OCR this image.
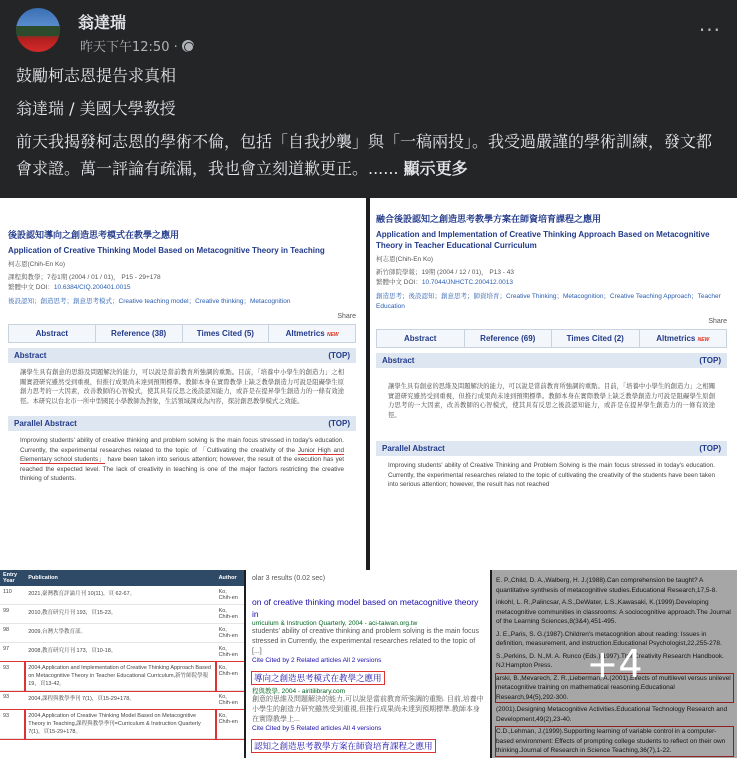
翁達瑞
昨天下午12:50 ·
···

鼓勵柯志恩提告求真相

翁達瑞 / 美國大學教授

前天我揭發柯志恩的學術不倫，包括「自我抄襲」與「一稿兩投」。我受過嚴謹的學術訓練，發文都會求證。萬一評論有疏漏，我也會立刻道歉更正。...... 顯示更多

後設認知導向之創造思考模式在教學之應用
Application of Creative Thinking Model Based on Metacognitive Theory in Teaching
柯志恩(Chih-En Ko)
課程與教學；7卷1期 (2004 / 01 / 01)， P15 - 29+178
繁體中文 DOI：10.6384/CIQ.200401.0015
後設認知；創造思考；創意思考模式；Creative teaching model；Creative thinking；Metacognition
Share
Abstract	Reference (38)	Times Cited (5)	Altmetrics NEW
Abstract	(TOP)
讓學生具有創意的思維及問題解決的能力，可以說是當前教育所強調的重點。目前，「培養中小學生的創造力」之相關實證研究雖然受到重視，但推行成果尚未達到預期標準。教師本身在實際教學上缺乏教學創造力可說是阻礙學生原創力思考的一大因素，改善教師的心智模式，使其具有反思之後設認知能力，或許是在提昇學生創造力的一條有效途徑。本研究以台北市一所中型國民小學教師為對象，生活領域課成為內容，探討創思教學模式之效能。
Parallel Abstract	(TOP)
Improving students' ability of creative thinking and problem solving is the main focus stressed in today's education. Currently, the experimental researches related to the topic of 「Cultivating the creativity of the Junior High and Elementary school students」 have been taken into serious attention; however, the result of the execution has yet reached the expected level. The lack of creativity in teaching is one of the major factors restricting the creative thinking of students.
融合後設認知之創造思考教學方案在師資培育課程之應用
Application and Implementation of Creative Thinking Approach Based on Metacognitive Theory in Teacher Educational Curriculum
柯志恩(Chih-En Ko)
新竹師院學報；19期 (2004 / 12 / 01)， P13 - 43
繁體中文 DOI：10.7044/JNHCTC.200412.0013
創造思考；後設認知；創意思考；師資培育；Creative Thinking；Metacognition；Creative Teaching Approach；Teacher Education
Share
Abstract	Reference (69)	Times Cited (2)	Altmetrics NEW
Abstract	(TOP)
讓學生具有創意的思維及問題解決的能力，可以說是當前教育所強調的重點。目前，「培養中小學生的創造力」之相關實證研究雖然受到重視，但推行成果尚未達到預期標準。教師本身在實際教學上缺乏教學創造力可說是阻礙學生原創力思考的一大因素，改善教師的心智模式，使其具有反思之後設認知能力，或許是在提昇學生創造力的一條有效途徑。
Parallel Abstract	(TOP)
Improving students' ability of Creative Thinking and Problem Solving is the main focus stressed in today's education. Currently, the experimental researches related to the topic of cultivating the creativity of the students have been taken into serious attention; however, the result has not reached
Entry Year	Publication	Author
110	2021,臺灣教育評論月刊 10(11)，頁 62-67。	Ko, Chih-en
99	2010,教育研究月刊 193，頁15-23。	Ko, Chih-en
98	2009,台灣大學教育部。	Ko, Chih-en
97	2008,教育研究月刊 173，頁10-18。	Ko, Chih-en
93	2004,Application and Implementation of Creative Thinking Approach Based on Metacognitive Theory in Teacher Educational Curriculum,新竹師院學報 19，頁13-42。	Ko, Chih-en
93	2004,課程與教學季刊 7(1)，頁15-29+178。	Ko, Chih-en
93	2004,Application of Creative Thinking Model Based on Metacognitive Theory in Teaching,課程與教學季刊=Curriculum & Instruction Quarterly 7(1)，頁15-29+178。	Ko, Chih-en
olar 3 results (0.02 sec)
on of creative thinking model based on metacognitive theory in
urriculum & Instruction Quarterly, 2004 - aci-taiwan.org.tw
students' ability of creative thinking and problem solving is the main focus stressed in Currently, the experimental researches related to the topic of [...]
Cite Cited by 2 Related articles All 2 versions
導向之創造思考模式在教學之應用
程與教學, 2004 - airitilibrary.com
創意的思維及問題解決的能力,可以說是當前教育所強調的重點. 目前,培養中小學生的創造力研究雖然受到重視,但推行成果尚未達到預期標準.教師本身在實際教學上...
Cite Cited by 5 Related articles All 4 versions
認知之創造思考教學方案在師資培育課程之應用
E. P.,Child, D. A.,Walberg, H. J.(1988).Can comprehension be taught? A quantitative synthesis of metacognitive studies.Educational Research,17,5-8.
inkohl, L. R.,Palincsar, A.S.,DeWater, L.S.,Kawasaki, K.(1999).Developing metacognitive communities in classrooms: A sociocognitive approach.The Journal of the Learning Sciences,8(3&4),451-495.
J. E.,Paris, S. G.(1987).Children's metacognition about reading: Issues in definition, measurement, and instruction.Educational Psychologist,22,255-278.
S.,Perkins, D. N.,M. A. Runco (Eds.)(1997).The Creativity Research Handbook. NJ:Hampton Press.
arski, B.,Mevarech, Z. R.,Lieberman, A.(2001).Effects of multilevel versus unilevel metacognitive training on mathematical reasoning.Educational Research,94(5),292-300.
(2001).Designing Metacognitive Activities.Educational Technology Research and Development,49(2),23-40.
C.D.,Lehman, J.(1999).Supporting learning of variable control in a computer-based environment: Effects of prompting college students to reflect on their own thinking.Journal of Research in Science Teaching,36(7),1-22.
+4
